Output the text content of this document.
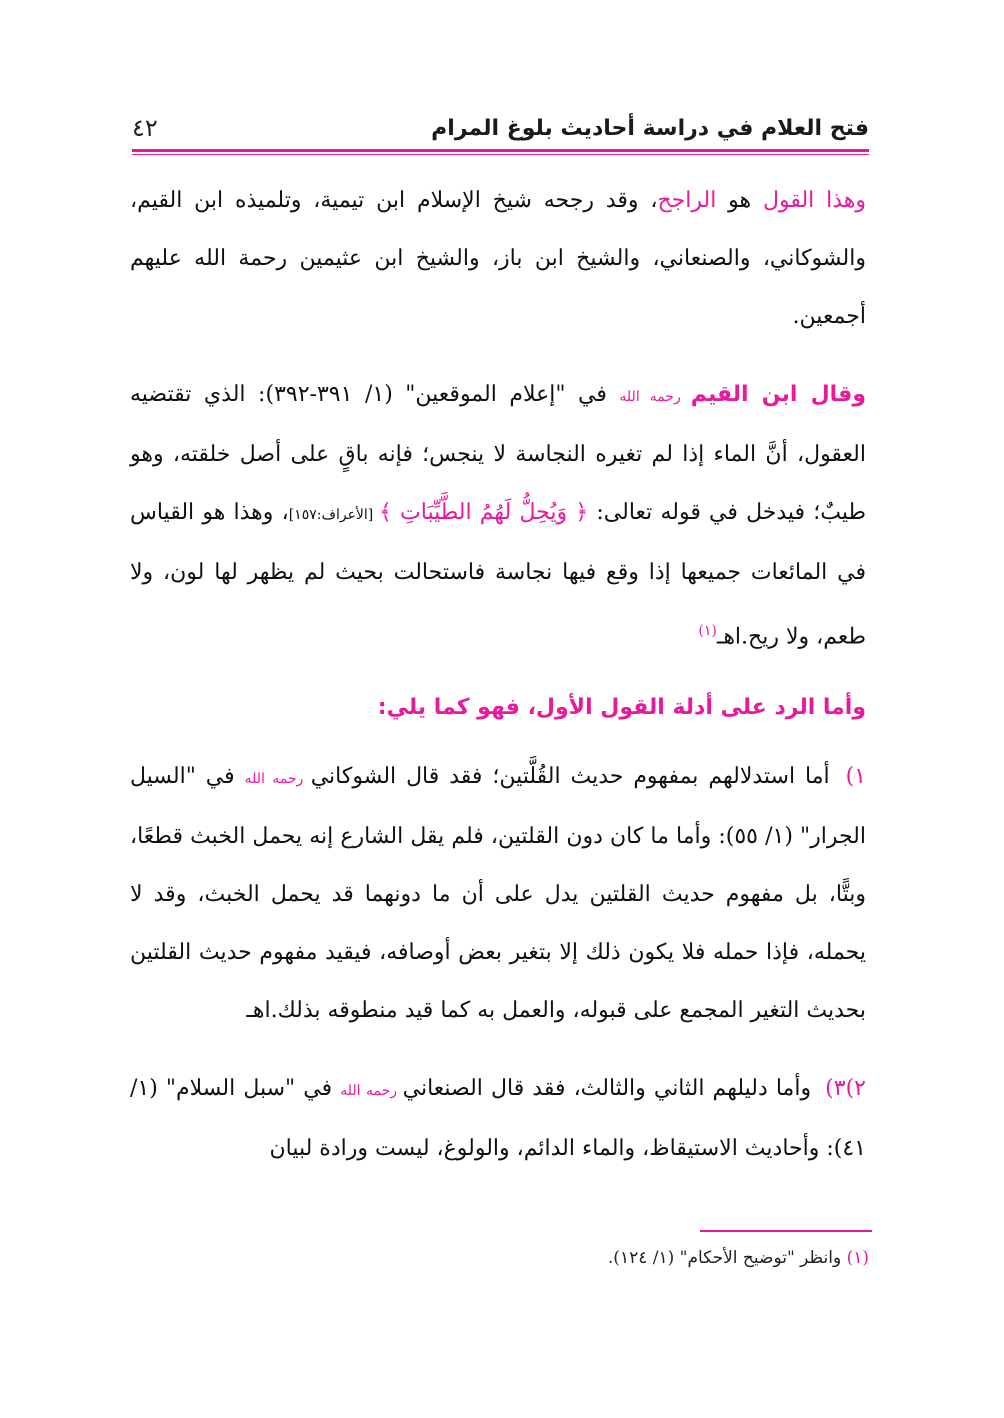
فتح العلام في دراسة أحاديث بلوغ المرام
٤٢

وهذا القول هو الراجح، وقد رجحه شيخ الإسلام ابن تيمية، وتلميذه ابن القيم، والشوكاني، والصنعاني، والشيخ ابن باز، والشيخ ابن عثيمين رحمة الله عليهم أجمعين.

وقال ابن القيم رحمه الله في "إعلام الموقعين" (١/ ٣٩١-٣٩٢): الذي تقتضيه العقول، أنَّ الماء إذا لم تغيره النجاسة لا ينجس؛ فإنه باقٍ على أصل خلقته، وهو طيبٌ؛ فيدخل في قوله تعالى: ﴿ وَيُحِلُّ لَهُمُ الطَّيِّبَاتِ ﴾ [الأعراف:١٥٧]، وهذا هو القياس في المائعات جميعها إذا وقع فيها نجاسة فاستحالت بحيث لم يظهر لها لون، ولا طعم، ولا ريح.اهـ$^{(١)}$

وأما الرد على أدلة القول الأول، فهو كما يلي:

١) أما استدلالهم بمفهوم حديث القُلَّتين؛ فقد قال الشوكاني رحمه الله في "السيل الجرار" (١/ ٥٥): وأما ما كان دون القلتين، فلم يقل الشارع إنه يحمل الخبث قطعًا، وبتًّا، بل مفهوم حديث القلتين يدل على أن ما دونهما قد يحمل الخبث، وقد لا يحمله، فإذا حمله فلا يكون ذلك إلا بتغير بعض أوصافه، فيقيد مفهوم حديث القلتين بحديث التغير المجمع على قبوله، والعمل به كما قيد منطوقه بذلك.اهـ

٢)٣) وأما دليلهم الثاني والثالث، فقد قال الصنعاني رحمه الله في "سبل السلام" (١/ ٤١): وأحاديث الاستيقاظ، والماء الدائم، والولوغ، ليست ورادة لبيان

(١) وانظر "توضيح الأحكام" (١/ ١٢٤).
